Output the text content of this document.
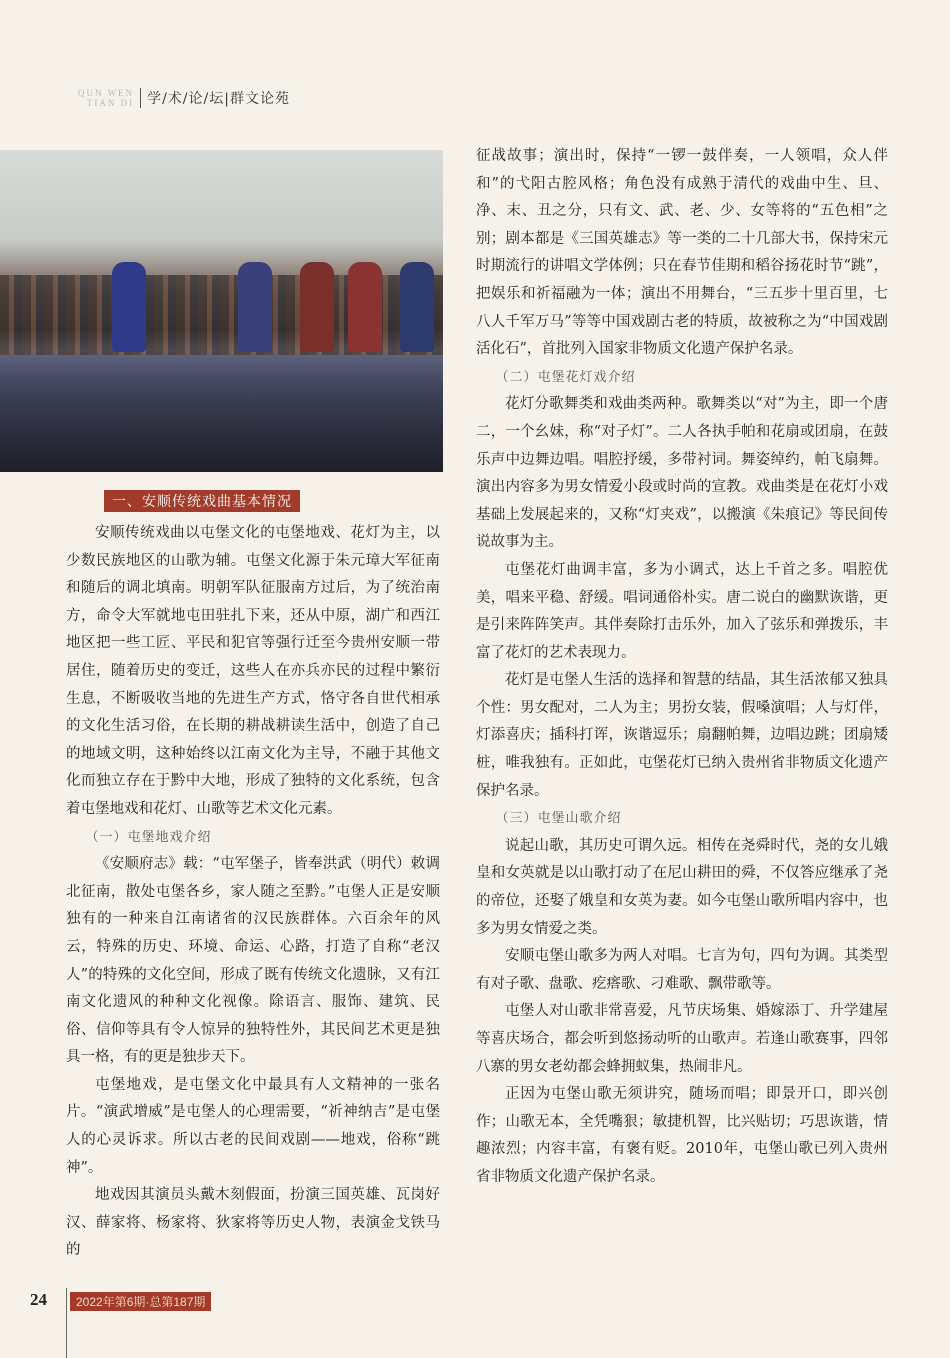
QUN WEN
TIAN DI 学/术/论/坛|群文论苑
一、安顺传统戏曲基本情况

安顺传统戏曲以屯堡文化的屯堡地戏、花灯为主，以少数民族地区的山歌为辅。屯堡文化源于朱元璋大军征南和随后的调北填南。明朝军队征服南方过后，为了统治南方，命令大军就地屯田驻扎下来，还从中原，湖广和西江地区把一些工匠、平民和犯官等强行迁至今贵州安顺一带居住，随着历史的变迁，这些人在亦兵亦民的过程中繁衍生息，不断吸收当地的先进生产方式，恪守各自世代相承的文化生活习俗，在长期的耕战耕读生活中，创造了自己的地域文明，这种始终以江南文化为主导，不融于其他文化而独立存在于黔中大地，形成了独特的文化系统，包含着屯堡地戏和花灯、山歌等艺术文化元素。

（一）屯堡地戏介绍

《安顺府志》载：“屯军堡子，皆奉洪武（明代）敕调北征南，散处屯堡各乡，家人随之至黔。”屯堡人正是安顺独有的一种来自江南诸省的汉民族群体。六百余年的风云，特殊的历史、环境、命运、心路，打造了自称“老汉人”的特殊的文化空间，形成了既有传统文化遗脉，又有江南文化遗风的种种文化视像。除语言、服饰、建筑、民俗、信仰等具有令人惊异的独特性外，其民间艺术更是独具一格，有的更是独步天下。

屯堡地戏，是屯堡文化中最具有人文精神的一张名片。“演武增威”是屯堡人的心理需要，“祈神纳吉”是屯堡人的心灵诉求。所以古老的民间戏剧——地戏，俗称“跳神”。

地戏因其演员头戴木刻假面，扮演三国英雄、瓦岗好汉、薛家将、杨家将、狄家将等历史人物，表演金戈铁马的

征战故事；演出时，保持“一锣一鼓伴奏，一人领唱，众人伴和”的弋阳古腔风格；角色没有成熟于清代的戏曲中生、旦、净、末、丑之分，只有文、武、老、少、女等将的“五色相”之别；剧本都是《三国英雄志》等一类的二十几部大书，保持宋元时期流行的讲唱文学体例；只在春节佳期和稻谷扬花时节“跳”，把娱乐和祈福融为一体；演出不用舞台，“三五步十里百里，七八人千军万马”等等中国戏剧古老的特质，故被称之为“中国戏剧活化石”，首批列入国家非物质文化遗产保护名录。

（二）屯堡花灯戏介绍

花灯分歌舞类和戏曲类两种。歌舞类以“对”为主，即一个唐二，一个幺妹，称“对子灯”。二人各执手帕和花扇或团扇，在鼓乐声中边舞边唱。唱腔抒缓，多带衬词。舞姿绰约，帕飞扇舞。演出内容多为男女情爱小段或时尚的宣教。戏曲类是在花灯小戏基础上发展起来的，又称“灯夹戏”，以搬演《朱痕记》等民间传说故事为主。

屯堡花灯曲调丰富，多为小调式，达上千首之多。唱腔优美，唱来平稳、舒缓。唱词通俗朴实。唐二说白的幽默诙谐，更是引来阵阵笑声。其伴奏除打击乐外，加入了弦乐和弹拨乐，丰富了花灯的艺术表现力。

花灯是屯堡人生活的选择和智慧的结晶，其生活浓郁又独具个性：男女配对，二人为主；男扮女装，假嗓演唱；人与灯伴，灯添喜庆；插科打诨，诙谐逗乐；扇翻帕舞，边唱边跳；团扇矮桩，唯我独有。正如此，屯堡花灯已纳入贵州省非物质文化遗产保护名录。

（三）屯堡山歌介绍

说起山歌，其历史可谓久远。相传在尧舜时代，尧的女儿娥皇和女英就是以山歌打动了在尼山耕田的舜，不仅答应继承了尧的帝位，还娶了娥皇和女英为妻。如今屯堡山歌所唱内容中，也多为男女情爱之类。

安顺屯堡山歌多为两人对唱。七言为句，四句为调。其类型有对子歌、盘歌、疙瘩歌、刁难歌、飘带歌等。

屯堡人对山歌非常喜爱，凡节庆场集、婚嫁添丁、升学建屋等喜庆场合，都会听到悠扬动听的山歌声。若逢山歌赛事，四邻八寨的男女老幼都会蜂拥蚁集，热闹非凡。

正因为屯堡山歌无须讲究，随场而唱；即景开口，即兴创作；山歌无本，全凭嘴狠；敏捷机智，比兴贴切；巧思诙谐，情趣浓烈；内容丰富，有褒有贬。2010年，屯堡山歌已列入贵州省非物质文化遗产保护名录。

24	2022年第6期·总第187期
